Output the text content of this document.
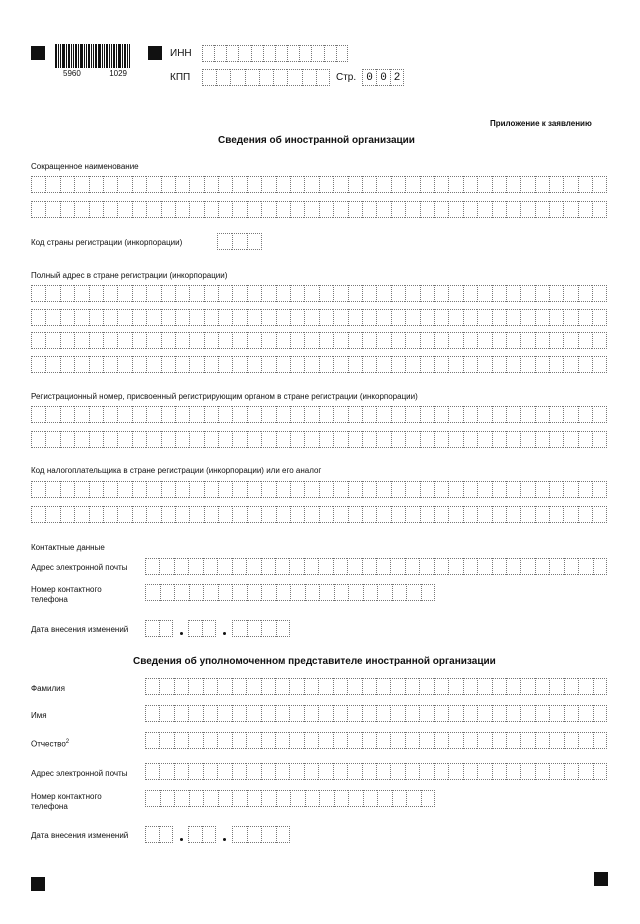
5960	1029
ИНН
КПП	Стр. 0 0 2
Приложение к заявлению
Сведения об иностранной организации
Сокращенное наименование
Код страны регистрации (инкорпорации)
Полный адрес в стране регистрации (инкорпорации)
Регистрационный номер, присвоенный регистрирующим органом в стране регистрации (инкорпорации)
Код налогоплательщика в стране регистрации (инкорпорации) или его аналог
Контактные данные
Адрес электронной почты
Номер контактного
телефона
Дата внесения изменений
Сведения об уполномоченном представителе иностранной организации
Фамилия
Имя
Отчество$^2$
Адрес электронной почты
Номер контактного
телефона
Дата внесения изменений
